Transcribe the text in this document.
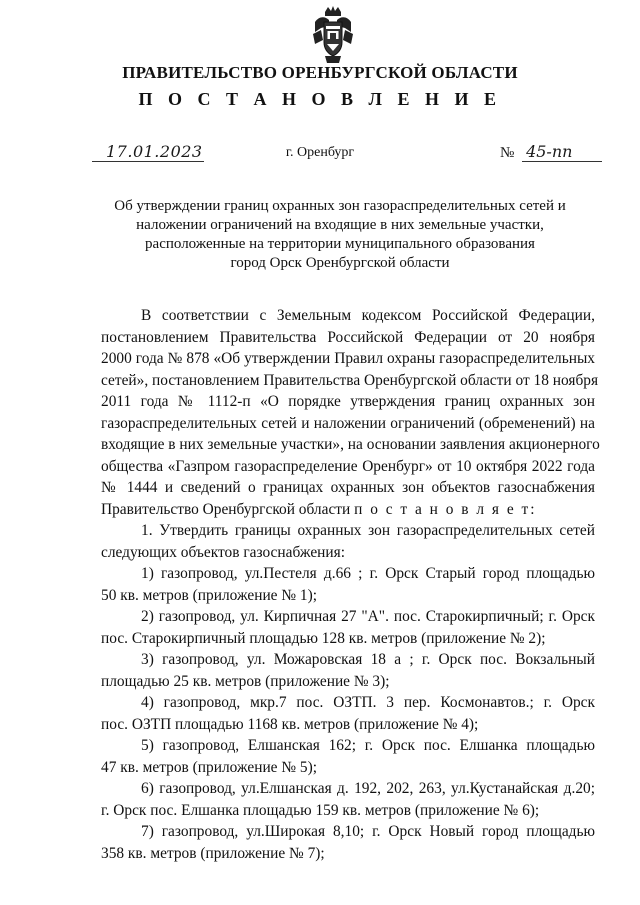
ПРАВИТЕЛЬСТВО ОРЕНБУРГСКОЙ ОБЛАСТИ
П О С Т А Н О В Л Е Н И Е
17.01.2023	г. Оренбург	№ 45-пп
Об утверждении границ охранных зон газораспределительных сетей и
наложении ограничений на входящие в них земельные участки,
расположенные на территории муниципального образования
город Орск Оренбургской области
В соответствии с Земельным кодексом Российской Федерации,
постановлением Правительства Российской Федерации от 20 ноября
2000 года № 878 «Об утверждении Правил охраны газораспределительных
сетей», постановлением Правительства Оренбургской области от 18 ноября
2011 года № 1112-п «О порядке утверждения границ охранных зон
газораспределительных сетей и наложении ограничений (обременений) на
входящие в них земельные участки», на основании заявления акционерного
общества «Газпром газораспределение Оренбург» от 10 октября 2022 года
№ 1444 и сведений о границах охранных зон объектов газоснабжения
Правительство Оренбургской области п о с т а н о в л я е т:
1. Утвердить границы охранных зон газораспределительных сетей
следующих объектов газоснабжения:
1) газопровод, ул.Пестеля д.66 ; г. Орск Старый город площадью
50 кв. метров (приложение № 1);
2) газопровод, ул. Кирпичная 27 "А". пос. Старокирпичный; г. Орск
пос. Старокирпичный площадью 128 кв. метров (приложение № 2);
3) газопровод, ул. Можаровская 18 а ; г. Орск пос. Вокзальный
площадью 25 кв. метров (приложение № 3);
4) газопровод, мкр.7 пос. ОЗТП. 3 пер. Космонавтов.; г. Орск
пос. ОЗТП площадью 1168 кв. метров (приложение № 4);
5) газопровод, Елшанская 162; г. Орск пос. Елшанка площадью
47 кв. метров (приложение № 5);
6) газопровод, ул.Елшанская д. 192, 202, 263, ул.Кустанайская д.20;
г. Орск пос. Елшанка площадью 159 кв. метров (приложение № 6);
7) газопровод, ул.Широкая 8,10; г. Орск Новый город площадью
358 кв. метров (приложение № 7);
